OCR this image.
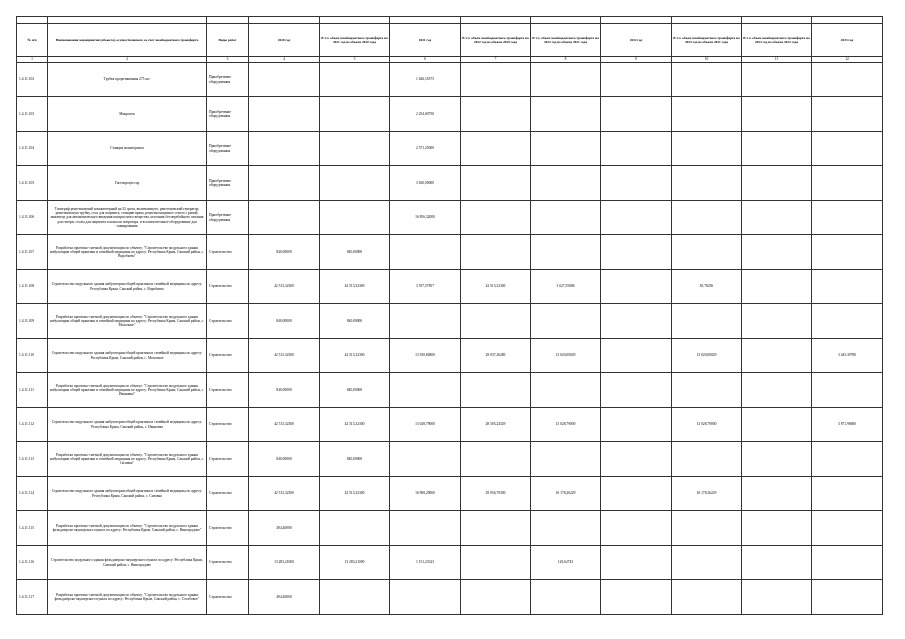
№ п/п	Наименование мероприятия (объекта), осуществляемого за счет межбюджетного трансферта	Виды работ	2020 год	В т.ч. объем межбюджетного трансферта на 2021 год из объема 2020 года	2021 год	В т.ч. объем межбюджетного трансферта на 2022 год из объема 2020 года	В т.ч. объем межбюджетного трансферта на 2022 год из объема 2021 года	2022 год	В т.ч. объем межбюджетного трансферта на 2023 год из объема 2021 года	В т.ч. объем межбюджетного трансферта на 2023 год из объема 2022 года	2023 год
1	2	3	4	5	6	7	8	9	10	11	12
1.4.11.102	Трубка прорезиненная 275 шт.	Приобретение оборудования			1 626,16575						
1.4.11.103	Микроток	Приобретение оборудования			2 254,69750						
1.4.11.104	Станция мониторинга	Приобретение оборудования			2 571,25000						
1.4.11.105	Гистопроцессор	Приобретение оборудования			3 630,00000						
1.4.11.106	Томограф рентгеновский компьютерный на 32 среза, включающего: рентгеновский генератор, рентгеновскую трубку, стол для пациента, станцию врача, рентгенозащитное стекло с рамой, инжектор для автоматического введения контрастного вещества, источник бесперебойного питания для гентри, столы для пациента и консоли оператора, и вспомогательное оборудование для сканирования	Приобретение оборудования			16 856,32000						
1.4.11.107	Разработка проектно-сметной документации по объекту: "Строительство модульного здания амбулатории общей практики и семейной медицины по адресу: Республика Крым, Сакский район, с. Воробьево"	Строительство	840,00000	840,00000							
1.4.11.108	Строительство модульного здания амбулатории общей практики и семейной медицины по адресу: Республика Крым, Сакский район, с. Воробьево	Строительство	42 513,32300	42 513,32300	3 557,57857	42 513,32300	3 027,55086		65,78256		
1.4.11.109	Разработка проектно-сметной документации по объекту: "Строительство модульного здания амбулатории общей практики и семейной медицины по адресу: Республика Крым, Сакский район, с. Молочное"	Строительство	840,00000	840,00000							
1.4.11.110	Строительство модульного здания амбулатории общей практики и семейной медицины по адресу: Республика Крым, Сакский район, с. Молочное	Строительство	42 513,32300	42 513,32300	13 550,82800	29 037,26280	13 020,00029		13 020,00029		3 443,39780
1.4.11.111	Разработка проектно-сметной документации по объекту: "Строительство модульного здания амбулатории общей практики и семейной медицины по адресу: Республика Крым, Сакский район, с. Ивановка"	Строительство	840,00000	840,00000							
1.4.11.112	Строительство модульного здания амбулатории общей практики и семейной медицины по адресу: Республика Крым, Сакский район, с. Ивановка	Строительство	42 513,32300	42 513,32300	13 028,79000	28 505,24329	13 028,79000		13 028,79000		3 871,98680
1.4.11.113	Разработка проектно-сметной документации по объекту: "Строительство модульного здания амбулатории общей практики и семейной медицины по адресу: Республика Крым, Сакский район, с. Сизовка"	Строительство	840,00000	840,00000							
1.4.11.114	Строительство модульного здания амбулатории общей практики и семейной медицины по адресу: Республика Крым, Сакский район, с. Сизовка	Строительство	42 513,32300	42 513,32300	16 908,29000	29 056,70300	16 178,26229		16 178,26229		
1.4.11.115	Разработка проектно-сметной документации по объекту: "Строительство модульного здания фельдшерско-акушерского пункта по адресу: Республика Крым, Сакский район, с. Виноградово"	Строительство	494,40000								
1.4.11.116	Строительство модульного здания фельдшерско-акушерского пункта по адресу: Республика Крым, Сакский район, с. Виноградово	Строительство	13 283,21000	13 283,21000	1 151,23323		129,62743				
1.4.11.117	Разработка проектно-сметной документации по объекту: "Строительство модульного здания фельдшерско-акушерского пункта по адресу: Республика Крым, Сакский район, с. Столбовое"	Строительство	494,40000								
